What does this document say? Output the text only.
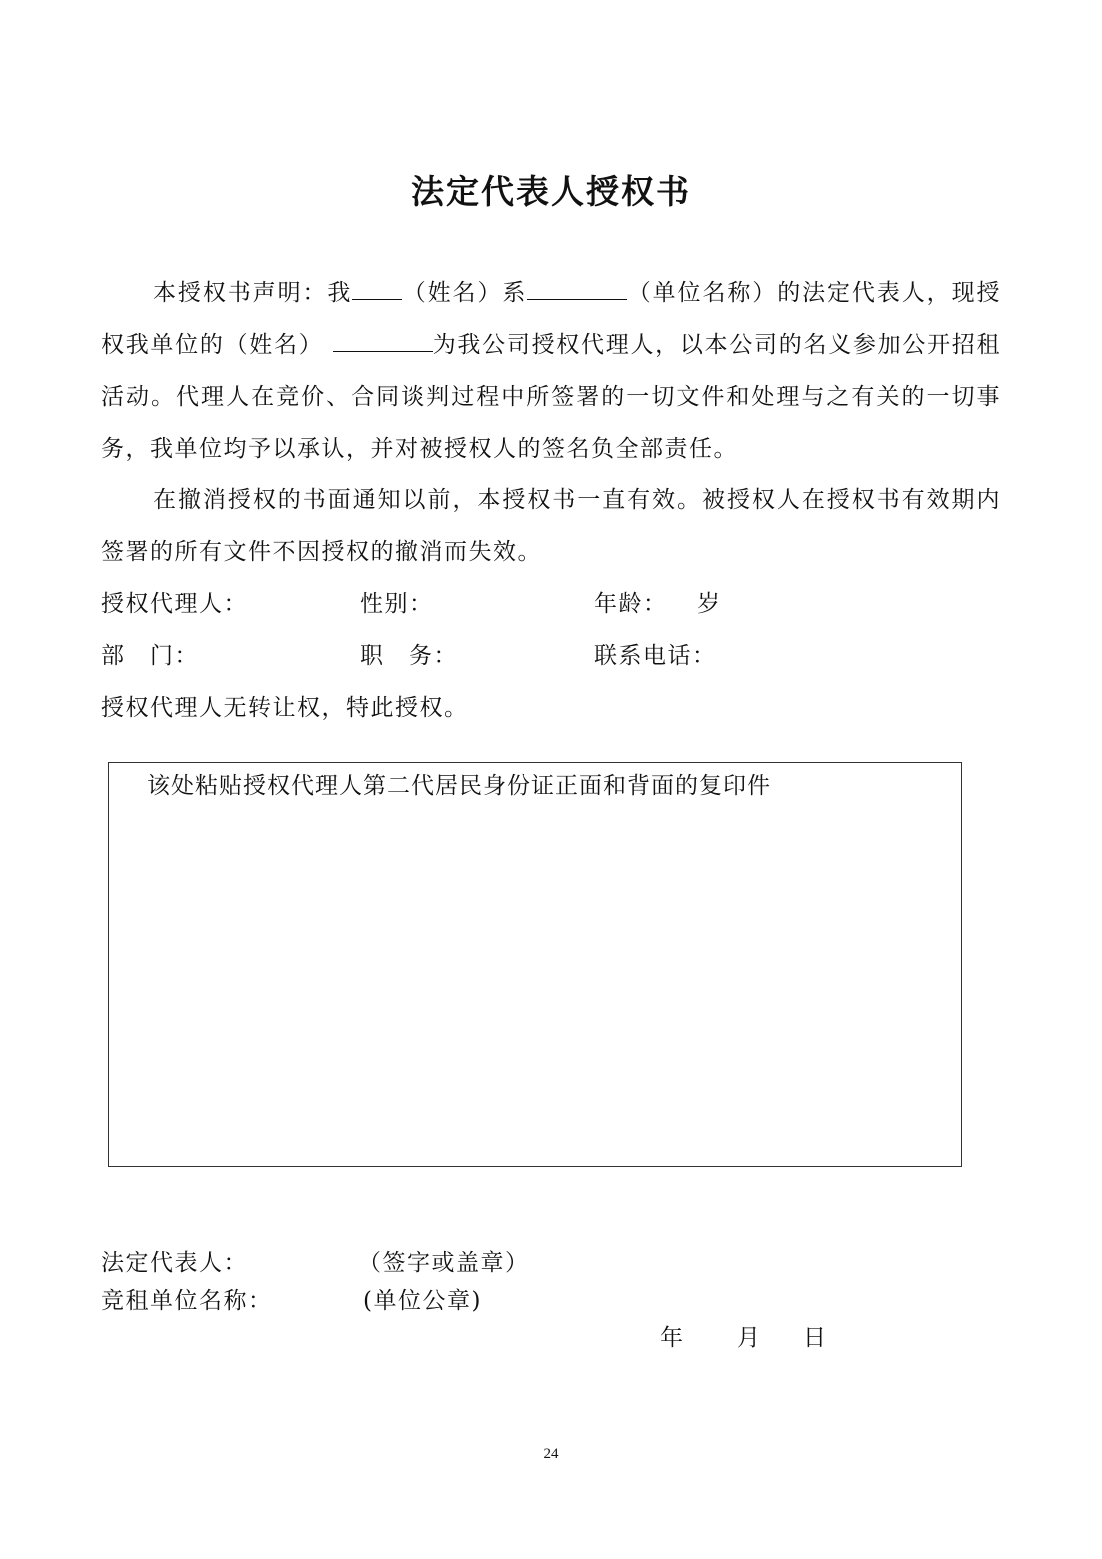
法定代表人授权书
本授权书声明：我 （姓名）系	（单位名称）的法定代表人，现授权我单位的（姓名）	为我公司授权代理人，以本公司的名义参加公开招租活动。代理人在竞价、合同谈判过程中所签署的一切文件和处理与之有关的一切事务，我单位均予以承认，并对被授权人的签名负全部责任。
在撤消授权的书面通知以前，本授权书一直有效。被授权人在授权书有效期内签署的所有文件不因授权的撤消而失效。
授权代理人：	性别：	年龄： 岁
部　门：	职　务：	联系电话：
授权代理人无转让权，特此授权。
该处粘贴授权代理人第二代居民身份证正面和背面的复印件
法定代表人：	（签字或盖章）
竞租单位名称：	(单位公章)
年 月 日
24
